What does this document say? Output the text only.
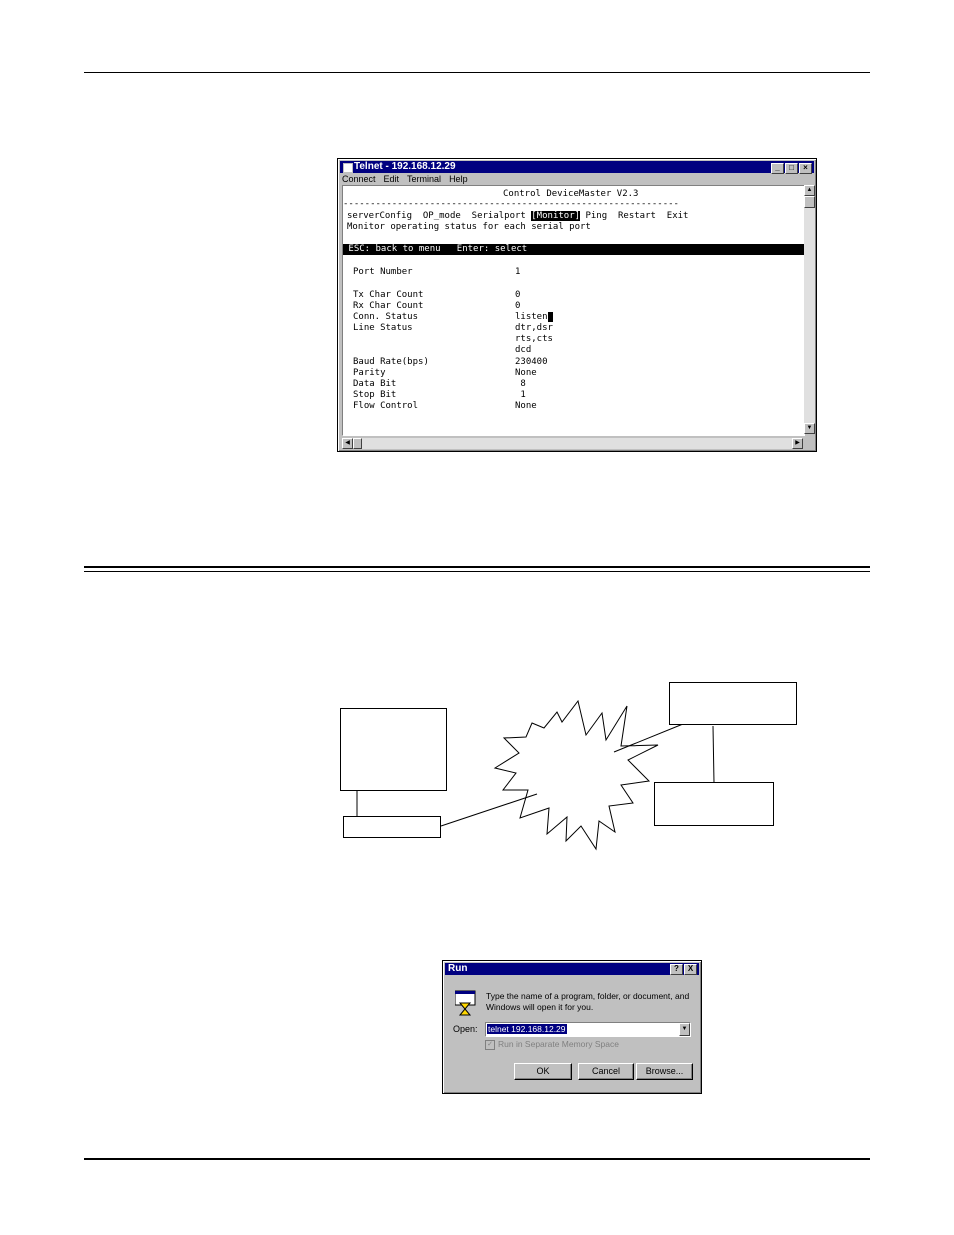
Telnet - 192.168.12.29	_	□	×
Connect Edit Terminal Help
Control DeviceMaster V2.3
--------------------------------------------------------------
serverConfig OP_mode Serialport [Monitor] Ping Restart Exit
Monitor operating status for each serial port
ESC: back to menu   Enter: select
Port Number	1
Tx Char Count	0
Rx Char Count	0
Conn. Status	listen
Line Status	dtr,dsr
rts,cts
dcd
Baud Rate(bps)	230400
Parity	None
Data Bit	8
Stop Bit	1
Flow Control	None
▲
▼
◀	▶
Run	?	X
Type the name of a program, folder, or document, and Windows will open it for you.
Open: telnet 192.168.12.29	▼
✓ Run in Separate Memory Space
OK	Cancel	Browse...
